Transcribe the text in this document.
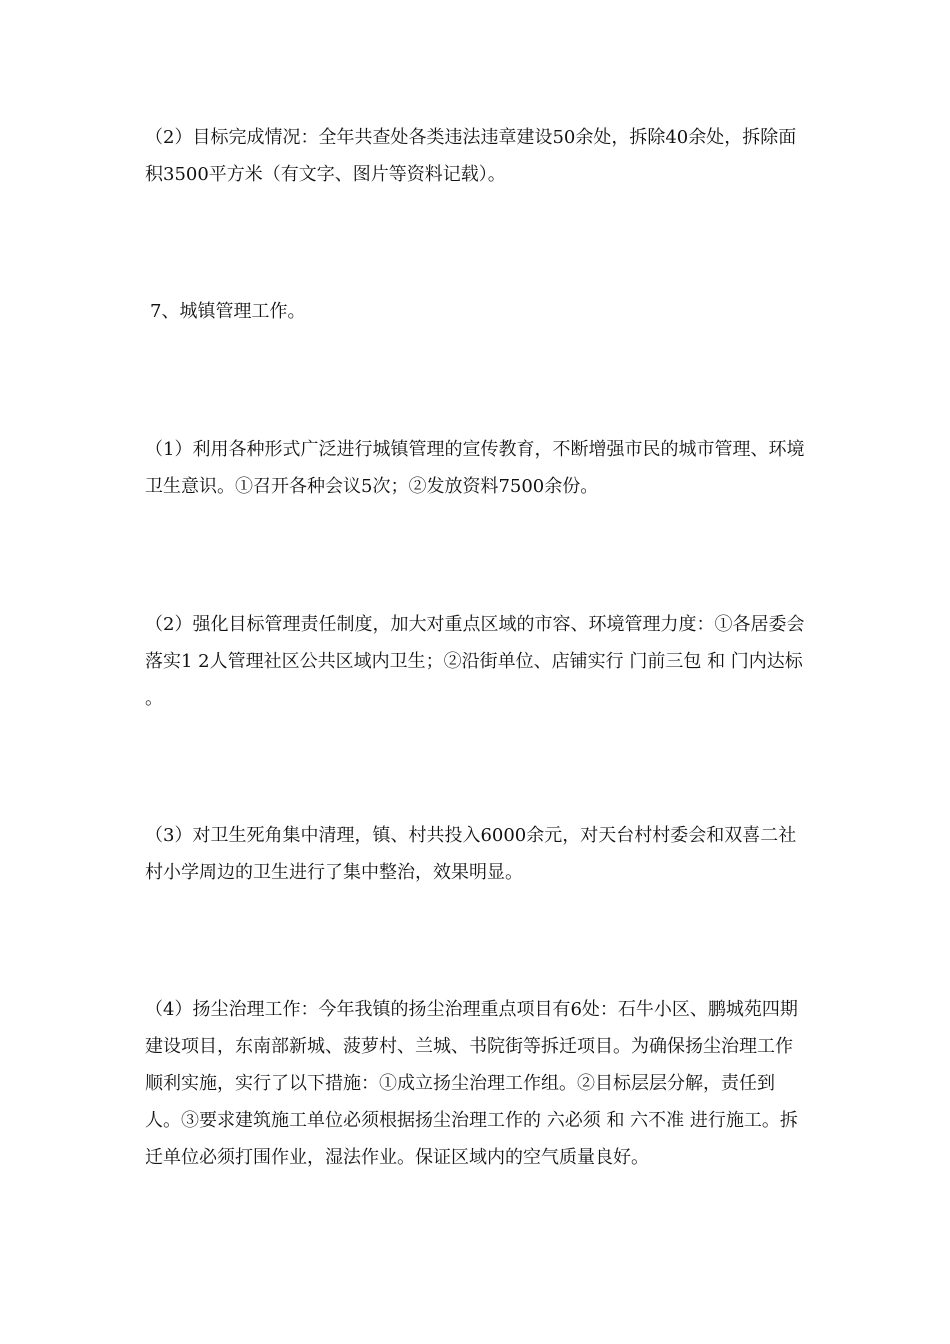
（2）目标完成情况：全年共查处各类违法违章建设50余处，拆除40余处，拆除面积3500平方米（有文字、图片等资料记载）。

7、城镇管理工作。

（1）利用各种形式广泛进行城镇管理的宣传教育，不断增强市民的城市管理、环境卫生意识。①召开各种会议5次；②发放资料7500余份。

（2）强化目标管理责任制度，加大对重点区域的市容、环境管理力度：①各居委会落实1 2人管理社区公共区域内卫生；②沿街单位、店铺实行 门前三包 和 门内达标 。

（3）对卫生死角集中清理，镇、村共投入6000余元，对天台村村委会和双喜二社村小学周边的卫生进行了集中整治，效果明显。

（4）扬尘治理工作：今年我镇的扬尘治理重点项目有6处：石牛小区、鹏城苑四期建设项目，东南部新城、菠萝村、兰城、书院街等拆迁项目。为确保扬尘治理工作顺利实施，实行了以下措施：①成立扬尘治理工作组。②目标层层分解，责任到人。③要求建筑施工单位必须根据扬尘治理工作的 六必须 和 六不准 进行施工。拆迁单位必须打围作业，湿法作业。保证区域内的空气质量良好。
